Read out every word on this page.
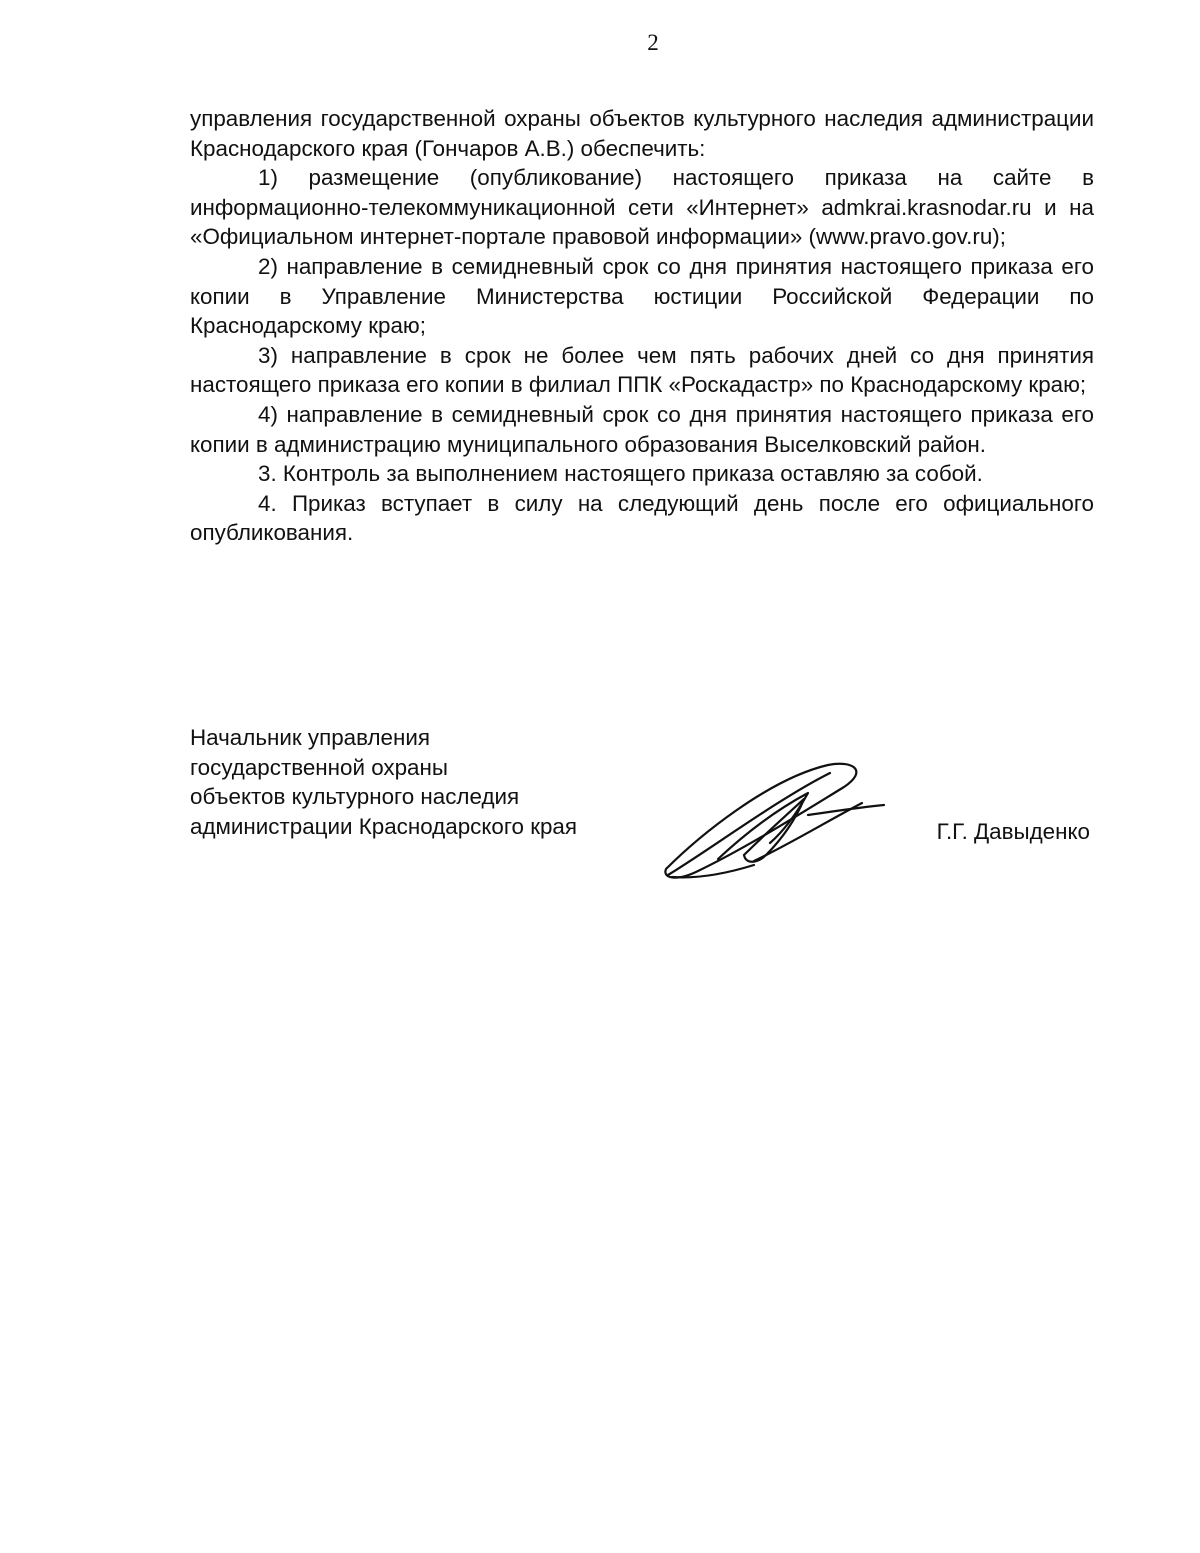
2

управления государственной охраны объектов культурного наследия администрации Краснодарского края (Гончаров А.В.) обеспечить:

1) размещение (опубликование) настоящего приказа на сайте в информационно-телекоммуникационной сети «Интернет» admkrai.krasnodar.ru и на «Официальном интернет-портале правовой информации» (www.pravo.gov.ru);

2) направление в семидневный срок со дня принятия настоящего приказа его копии в Управление Министерства юстиции Российской Федерации по Краснодарскому краю;

3) направление в срок не более чем пять рабочих дней со дня принятия настоящего приказа его копии в филиал ППК «Роскадастр» по Краснодарскому краю;

4) направление в семидневный срок со дня принятия настоящего приказа его копии в администрацию муниципального образования Выселковский район.

3. Контроль за выполнением настоящего приказа оставляю за собой.

4. Приказ вступает в силу на следующий день после его официального опубликования.

Начальник управления
государственной охраны
объектов культурного наследия
администрации Краснодарского края	Г.Г. Давыденко
